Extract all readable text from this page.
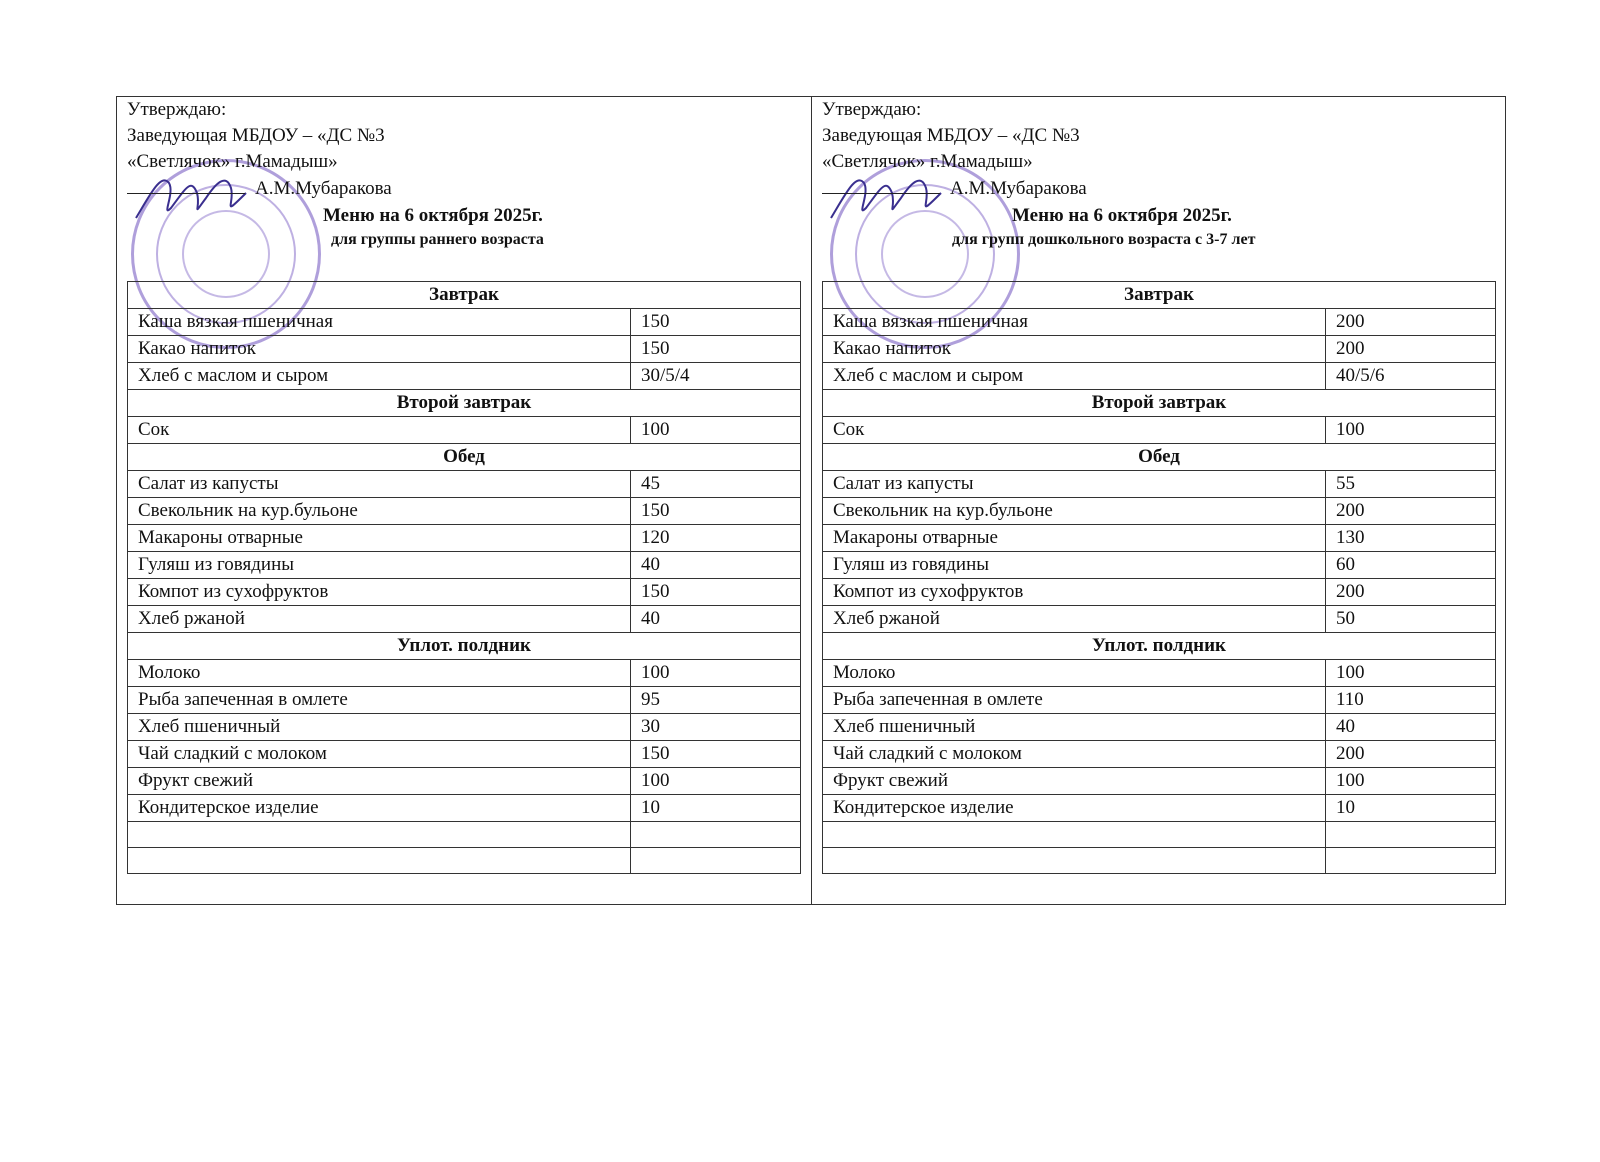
Утверждаю:
Заведующая МБДОУ – «ДС №3
«Светлячок» г.Мамадыш»
А.М.Мубаракова
Меню на 6 октября 2025г.
для группы раннего возраста
Завтрак	
Каша вязкая пшеничная	150
Какао напиток	150
Хлеб с маслом и сыром	30/5/4
Второй завтрак	
Сок	100
Обед	
Салат из капусты	45
Свекольник на кур.бульоне	150
Макароны отварные	120
Гуляш из говядины	40
Компот из сухофруктов	150
Хлеб ржаной	40
Уплот. полдник	
Молоко	100
Рыба запеченная в омлете	95
Хлеб пшеничный	30
Чай сладкий с молоком	150
Фрукт свежий	100
Кондитерское изделие	10

Утверждаю:
Заведующая МБДОУ – «ДС №3
«Светлячок» г.Мамадыш»
А.М.Мубаракова
Меню на 6 октября 2025г.
для групп дошкольного возраста с 3-7 лет
Завтрак	
Каша вязкая пшеничная	200
Какао напиток	200
Хлеб с маслом и сыром	40/5/6
Второй завтрак	
Сок	100
Обед	
Салат из капусты	55
Свекольник на кур.бульоне	200
Макароны отварные	130
Гуляш из говядины	60
Компот из сухофруктов	200
Хлеб ржаной	50
Уплот. полдник	
Молоко	100
Рыба запеченная в омлете	110
Хлеб пшеничный	40
Чай сладкий с молоком	200
Фрукт свежий	100
Кондитерское изделие	10
